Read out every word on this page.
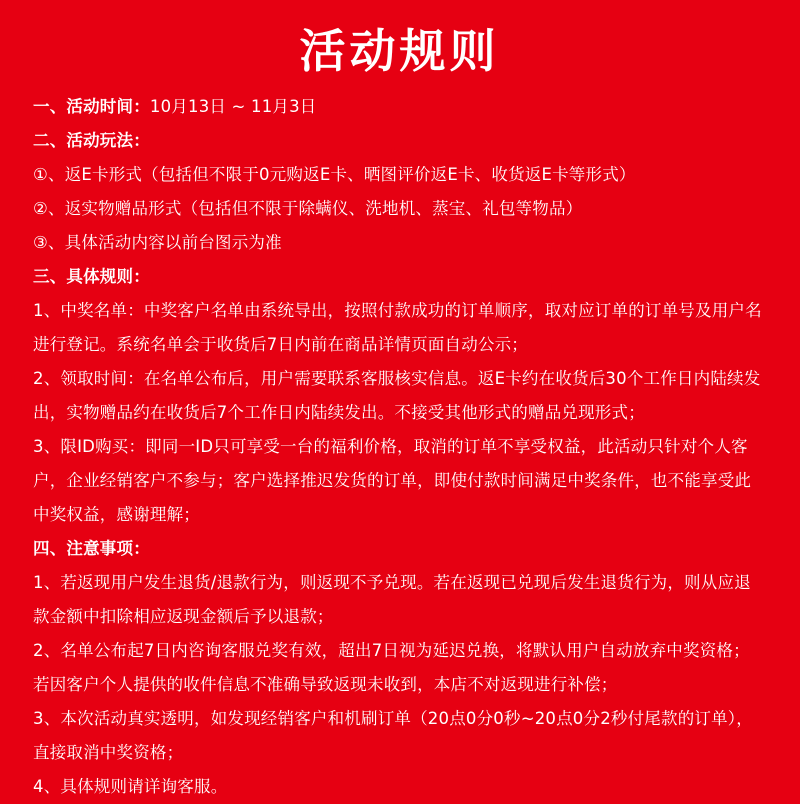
活动规则
一、活动时间：10月13日 ~ 11月3日
二、活动玩法：
①、返E卡形式（包括但不限于0元购返E卡、晒图评价返E卡、收货返E卡等形式）
②、返实物赠品形式（包括但不限于除螨仪、洗地机、蒸宝、礼包等物品）
③、具体活动内容以前台图示为准
三、具体规则：
1、中奖名单：中奖客户名单由系统导出，按照付款成功的订单顺序，取对应订单的订单号及用户名进行登记。系统名单会于收货后7日内前在商品详情页面自动公示；
2、领取时间：在名单公布后，用户需要联系客服核实信息。返E卡约在收货后30个工作日内陆续发出，实物赠品约在收货后7个工作日内陆续发出。不接受其他形式的赠品兑现形式；
3、限ID购买：即同一ID只可享受一台的福利价格，取消的订单不享受权益，此活动只针对个人客户，企业经销客户不参与；客户选择推迟发货的订单，即使付款时间满足中奖条件，也不能享受此中奖权益，感谢理解；
四、注意事项：
1、若返现用户发生退货/退款行为，则返现不予兑现。若在返现已兑现后发生退货行为，则从应退款金额中扣除相应返现金额后予以退款；
2、名单公布起7日内咨询客服兑奖有效，超出7日视为延迟兑换，将默认用户自动放弃中奖资格；若因客户个人提供的收件信息不准确导致返现未收到，本店不对返现进行补偿；
3、本次活动真实透明，如发现经销客户和机刷订单（20点0分0秒~20点0分2秒付尾款的订单），直接取消中奖资格；
4、具体规则请详询客服。
